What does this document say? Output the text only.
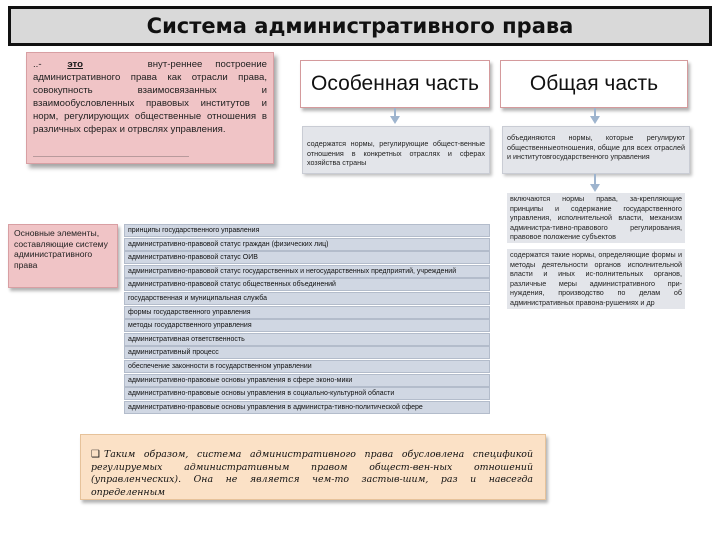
Система административного права
..-  это	внут-реннее построение административного права как отрасли права, совокупность взаимосвязанных и взаимообусловленных правовых институтов и норм, регулирующих общественные отношения в различных сферах и отрвслях управления.
Особенная часть	Общая часть
содержатся нормы, регулирующие общест-венные отношения в конкретных отраслях и сферах хозяйства страны
объединяются нормы, которые регулируют общественныеотношения, общие для всех отраслей и институтовгосударственного управления

включаются нормы права, за-крепляющие принципы и содержание государственного управления, исполнительной власти, механизм администра-тивно-правового регулирования, правовое положение субъектов

содержатся такие нормы, определяющие формы и методы деятельности органов исполнительной власти и иных ис-полнительных органов, различные меры административного при-нуждения, производство по делам об административных правона-рушениях и др

Основные элементы, составляющие систему административного права
принципы государственного управления
административно-правовой статус граждан (физических лиц)
административно-правовой статус ОИВ
административно-правовой статус государственных и негосударственных предприятий, учреждений
административно-правовой статус общественных объединений
государственная и муниципальная служба
формы государственного управления
методы государственного управления
административная ответственность
административный процесс
обеспечение законности в государственном управлении
административно-правовые основы управления в сфере эконо-мики
административно-правовые основы управления в социально-культурной области
административно-правовые основы управления в администра-тивно-политической сфере
❑ Таким образом, система административного права обусловлена спецификой регулируемых административным правом общест-вен-ных отношений (управленческих). Она не является чем-то застыв-шим, раз и навсегда определенным
